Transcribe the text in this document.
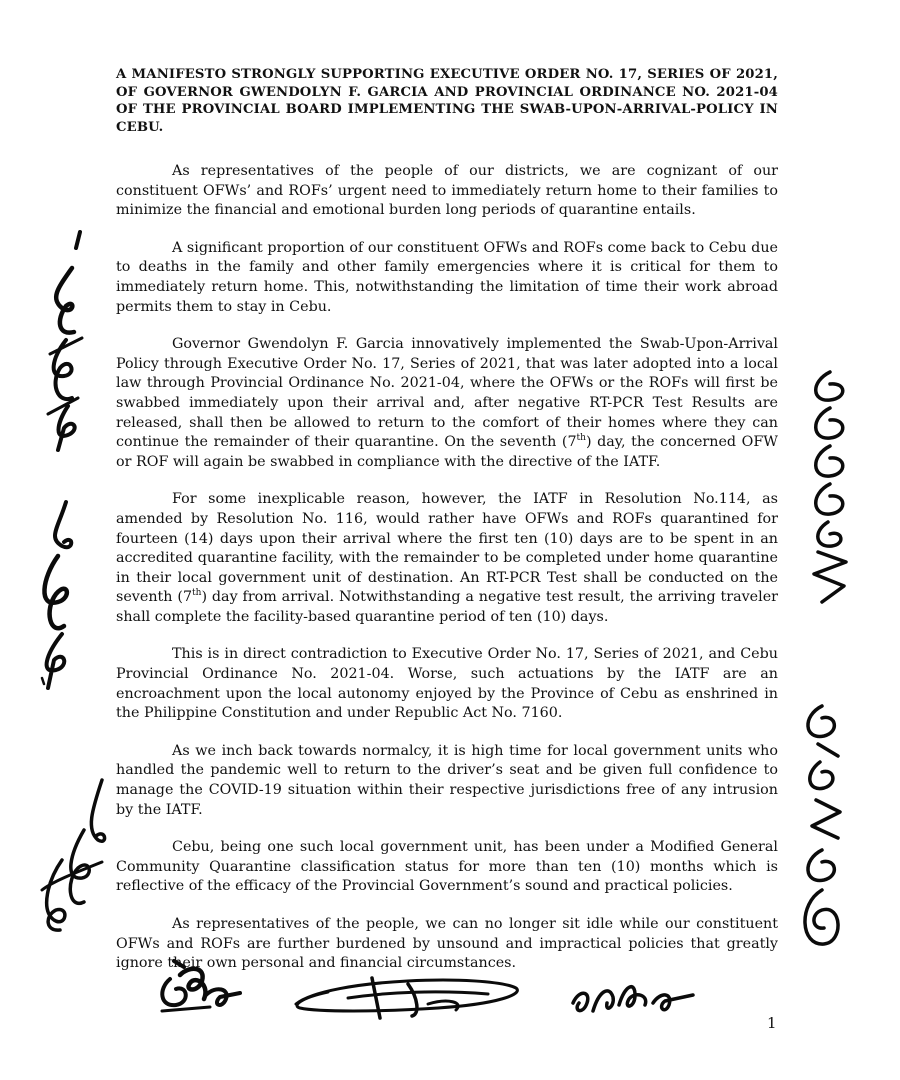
A MANIFESTO STRONGLY SUPPORTING EXECUTIVE ORDER NO. 17, SERIES OF 2021, OF GOVERNOR GWENDOLYN F. GARCIA AND PROVINCIAL ORDINANCE NO. 2021-04 OF THE PROVINCIAL BOARD IMPLEMENTING THE SWAB-UPON-ARRIVAL-POLICY IN CEBU.

As representatives of the people of our districts, we are cognizant of our constituent OFWs’ and ROFs’ urgent need to immediately return home to their families to minimize the financial and emotional burden long periods of quarantine entails.

A significant proportion of our constituent OFWs and ROFs come back to Cebu due to deaths in the family and other family emergencies where it is critical for them to immediately return home. This, notwithstanding the limitation of time their work abroad permits them to stay in Cebu.

Governor Gwendolyn F. Garcia innovatively implemented the Swab-Upon-Arrival Policy through Executive Order No. 17, Series of 2021, that was later adopted into a local law through Provincial Ordinance No. 2021-04, where the OFWs or the ROFs will first be swabbed immediately upon their arrival and, after negative RT-PCR Test Results are released, shall then be allowed to return to the comfort of their homes where they can continue the remainder of their quarantine. On the seventh (7th) day, the concerned OFW or ROF will again be swabbed in compliance with the directive of the IATF.

For some inexplicable reason, however, the IATF in Resolution No.114, as amended by Resolution No. 116, would rather have OFWs and ROFs quarantined for fourteen (14) days upon their arrival where the first ten (10) days are to be spent in an accredited quarantine facility, with the remainder to be completed under home quarantine in their local government unit of destination. An RT-PCR Test shall be conducted on the seventh (7th) day from arrival. Notwithstanding a negative test result, the arriving traveler shall complete the facility-based quarantine period of ten (10) days.

This is in direct contradiction to Executive Order No. 17, Series of 2021, and Cebu Provincial Ordinance No. 2021-04. Worse, such actuations by the IATF are an encroachment upon the local autonomy enjoyed by the Province of Cebu as enshrined in the Philippine Constitution and under Republic Act No. 7160.

As we inch back towards normalcy, it is high time for local government units who handled the pandemic well to return to the driver’s seat and be given full confidence to manage the COVID-19 situation within their respective jurisdictions free of any intrusion by the IATF.

Cebu, being one such local government unit, has been under a Modified General Community Quarantine classification status for more than ten (10) months which is reflective of the efficacy of the Provincial Government’s sound and practical policies.

As representatives of the people, we can no longer sit idle while our constituent OFWs and ROFs are further burdened by unsound and impractical policies that greatly ignore their own personal and financial circumstances.

1
